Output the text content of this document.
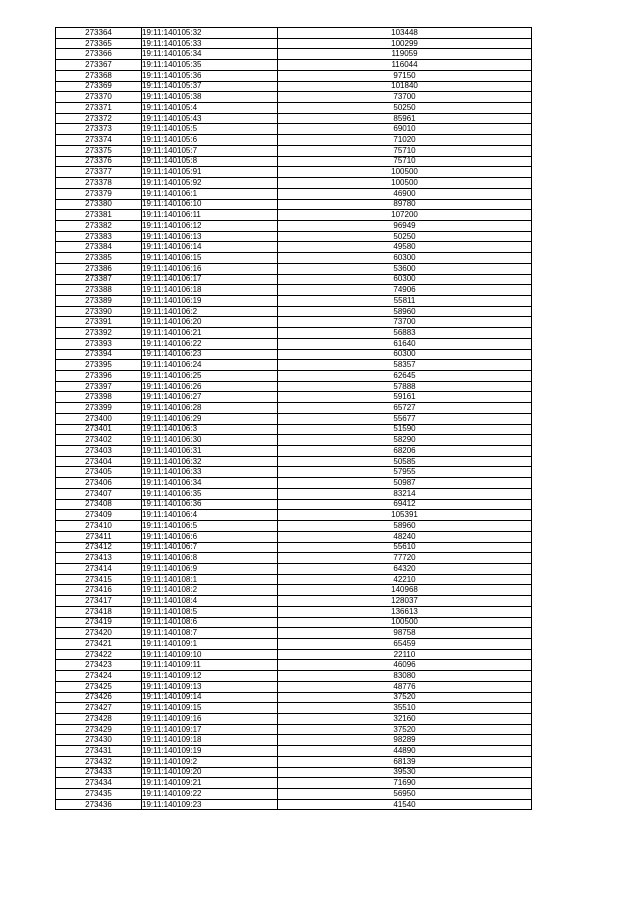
273364	19:11:140105:32	103448
273365	19:11:140105:33	100299
273366	19:11:140105:34	119059
273367	19:11:140105:35	116044
273368	19:11:140105:36	97150
273369	19:11:140105:37	101840
273370	19:11:140105:38	73700
273371	19:11:140105:4	50250
273372	19:11:140105:43	85961
273373	19:11:140105:5	69010
273374	19:11:140105:6	71020
273375	19:11:140105:7	75710
273376	19:11:140105:8	75710
273377	19:11:140105:91	100500
273378	19:11:140105:92	100500
273379	19:11:140106:1	46900
273380	19:11:140106:10	89780
273381	19:11:140106:11	107200
273382	19:11:140106:12	96949
273383	19:11:140106:13	50250
273384	19:11:140106:14	49580
273385	19:11:140106:15	60300
273386	19:11:140106:16	53600
273387	19:11:140106:17	60300
273388	19:11:140106:18	74906
273389	19:11:140106:19	55811
273390	19:11:140106:2	58960
273391	19:11:140106:20	73700
273392	19:11:140106:21	56883
273393	19:11:140106:22	61640
273394	19:11:140106:23	60300
273395	19:11:140106:24	58357
273396	19:11:140106:25	62645
273397	19:11:140106:26	57888
273398	19:11:140106:27	59161
273399	19:11:140106:28	65727
273400	19:11:140106:29	55677
273401	19:11:140106:3	51590
273402	19:11:140106:30	58290
273403	19:11:140106:31	68206
273404	19:11:140106:32	50585
273405	19:11:140106:33	57955
273406	19:11:140106:34	50987
273407	19:11:140106:35	83214
273408	19:11:140106:36	69412
273409	19:11:140106:4	105391
273410	19:11:140106:5	58960
273411	19:11:140106:6	48240
273412	19:11:140106:7	55610
273413	19:11:140106:8	77720
273414	19:11:140106:9	64320
273415	19:11:140108:1	42210
273416	19:11:140108:2	140968
273417	19:11:140108:4	128037
273418	19:11:140108:5	136613
273419	19:11:140108:6	100500
273420	19:11:140108:7	98758
273421	19:11:140109:1	65459
273422	19:11:140109:10	22110
273423	19:11:140109:11	46096
273424	19:11:140109:12	83080
273425	19:11:140109:13	48776
273426	19:11:140109:14	37520
273427	19:11:140109:15	35510
273428	19:11:140109:16	32160
273429	19:11:140109:17	37520
273430	19:11:140109:18	98289
273431	19:11:140109:19	44890
273432	19:11:140109:2	68139
273433	19:11:140109:20	39530
273434	19:11:140109:21	71690
273435	19:11:140109:22	56950
273436	19:11:140109:23	41540
